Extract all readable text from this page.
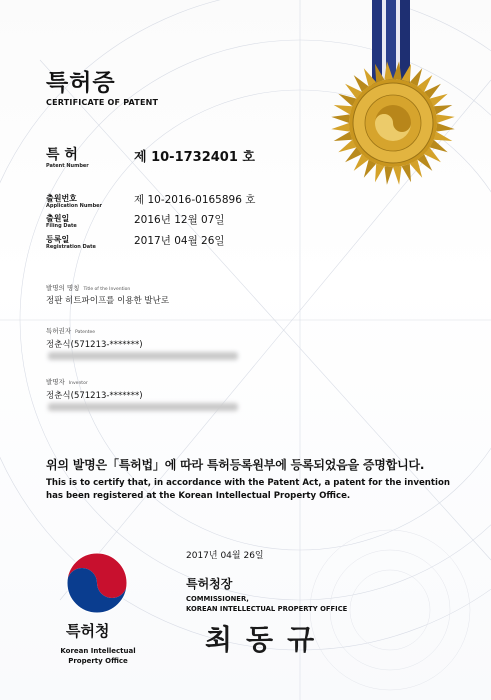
특허증
CERTIFICATE OF PATENT
특 허
Patent Number
제 10-1732401 호
출원번호
Application Number	제 10-2016-0165896 호
출원일
Filing Date	2016년 12월 07일
등록일
Registration Date	2017년 04월 26일
발명의 명칭 Title of the Invention
정판 히트파이프를 이용한 발난로
특허권자 Patentee
정춘식(571213-*******)
발명자 Inventor
정춘식(571213-*******)
위의 발명은「특허법」에 따라 특허등록원부에 등록되었음을 증명합니다.
This is to certify that, in accordance with the Patent Act, a patent for the invention
has been registered at the Korean Intellectual Property Office.
2017년 04월 26일
특허청장
COMMISSIONER,
KOREAN INTELLECTUAL PROPERTY OFFICE
최동규
특허청
Korean Intellectual
Property Office
